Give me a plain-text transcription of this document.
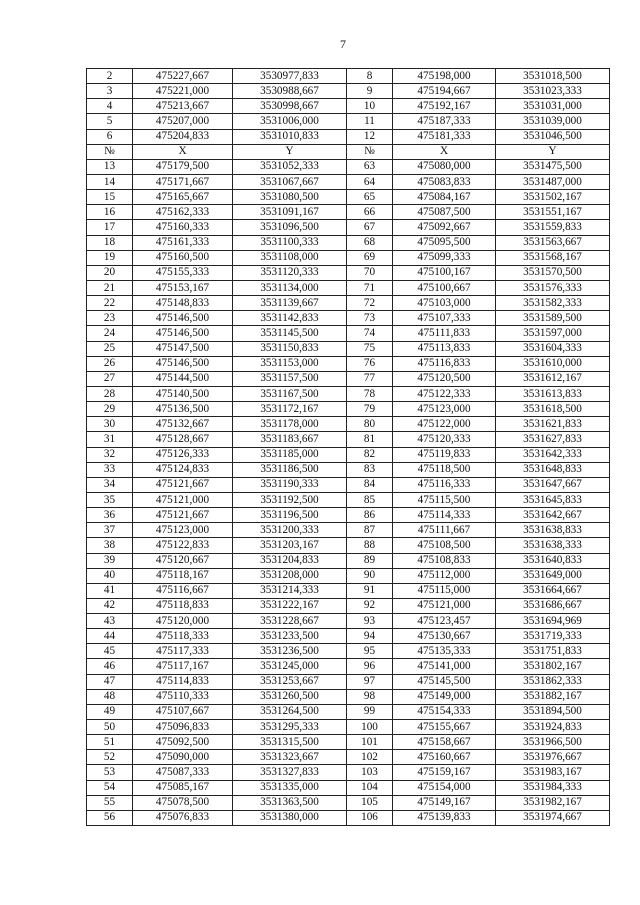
7
2	475227,667	3530977,833	8	475198,000	3531018,500
3	475221,000	3530988,667	9	475194,667	3531023,333
4	475213,667	3530998,667	10	475192,167	3531031,000
5	475207,000	3531006,000	11	475187,333	3531039,000
6	475204,833	3531010,833	12	475181,333	3531046,500
№	X	Y	№	X	Y
13	475179,500	3531052,333	63	475080,000	3531475,500
14	475171,667	3531067,667	64	475083,833	3531487,000
15	475165,667	3531080,500	65	475084,167	3531502,167
16	475162,333	3531091,167	66	475087,500	3531551,167
17	475160,333	3531096,500	67	475092,667	3531559,833
18	475161,333	3531100,333	68	475095,500	3531563,667
19	475160,500	3531108,000	69	475099,333	3531568,167
20	475155,333	3531120,333	70	475100,167	3531570,500
21	475153,167	3531134,000	71	475100,667	3531576,333
22	475148,833	3531139,667	72	475103,000	3531582,333
23	475146,500	3531142,833	73	475107,333	3531589,500
24	475146,500	3531145,500	74	475111,833	3531597,000
25	475147,500	3531150,833	75	475113,833	3531604,333
26	475146,500	3531153,000	76	475116,833	3531610,000
27	475144,500	3531157,500	77	475120,500	3531612,167
28	475140,500	3531167,500	78	475122,333	3531613,833
29	475136,500	3531172,167	79	475123,000	3531618,500
30	475132,667	3531178,000	80	475122,000	3531621,833
31	475128,667	3531183,667	81	475120,333	3531627,833
32	475126,333	3531185,000	82	475119,833	3531642,333
33	475124,833	3531186,500	83	475118,500	3531648,833
34	475121,667	3531190,333	84	475116,333	3531647,667
35	475121,000	3531192,500	85	475115,500	3531645,833
36	475121,667	3531196,500	86	475114,333	3531642,667
37	475123,000	3531200,333	87	475111,667	3531638,833
38	475122,833	3531203,167	88	475108,500	3531638,333
39	475120,667	3531204,833	89	475108,833	3531640,833
40	475118,167	3531208,000	90	475112,000	3531649,000
41	475116,667	3531214,333	91	475115,000	3531664,667
42	475118,833	3531222,167	92	475121,000	3531686,667
43	475120,000	3531228,667	93	475123,457	3531694,969
44	475118,333	3531233,500	94	475130,667	3531719,333
45	475117,333	3531236,500	95	475135,333	3531751,833
46	475117,167	3531245,000	96	475141,000	3531802,167
47	475114,833	3531253,667	97	475145,500	3531862,333
48	475110,333	3531260,500	98	475149,000	3531882,167
49	475107,667	3531264,500	99	475154,333	3531894,500
50	475096,833	3531295,333	100	475155,667	3531924,833
51	475092,500	3531315,500	101	475158,667	3531966,500
52	475090,000	3531323,667	102	475160,667	3531976,667
53	475087,333	3531327,833	103	475159,167	3531983,167
54	475085,167	3531335,000	104	475154,000	3531984,333
55	475078,500	3531363,500	105	475149,167	3531982,167
56	475076,833	3531380,000	106	475139,833	3531974,667
